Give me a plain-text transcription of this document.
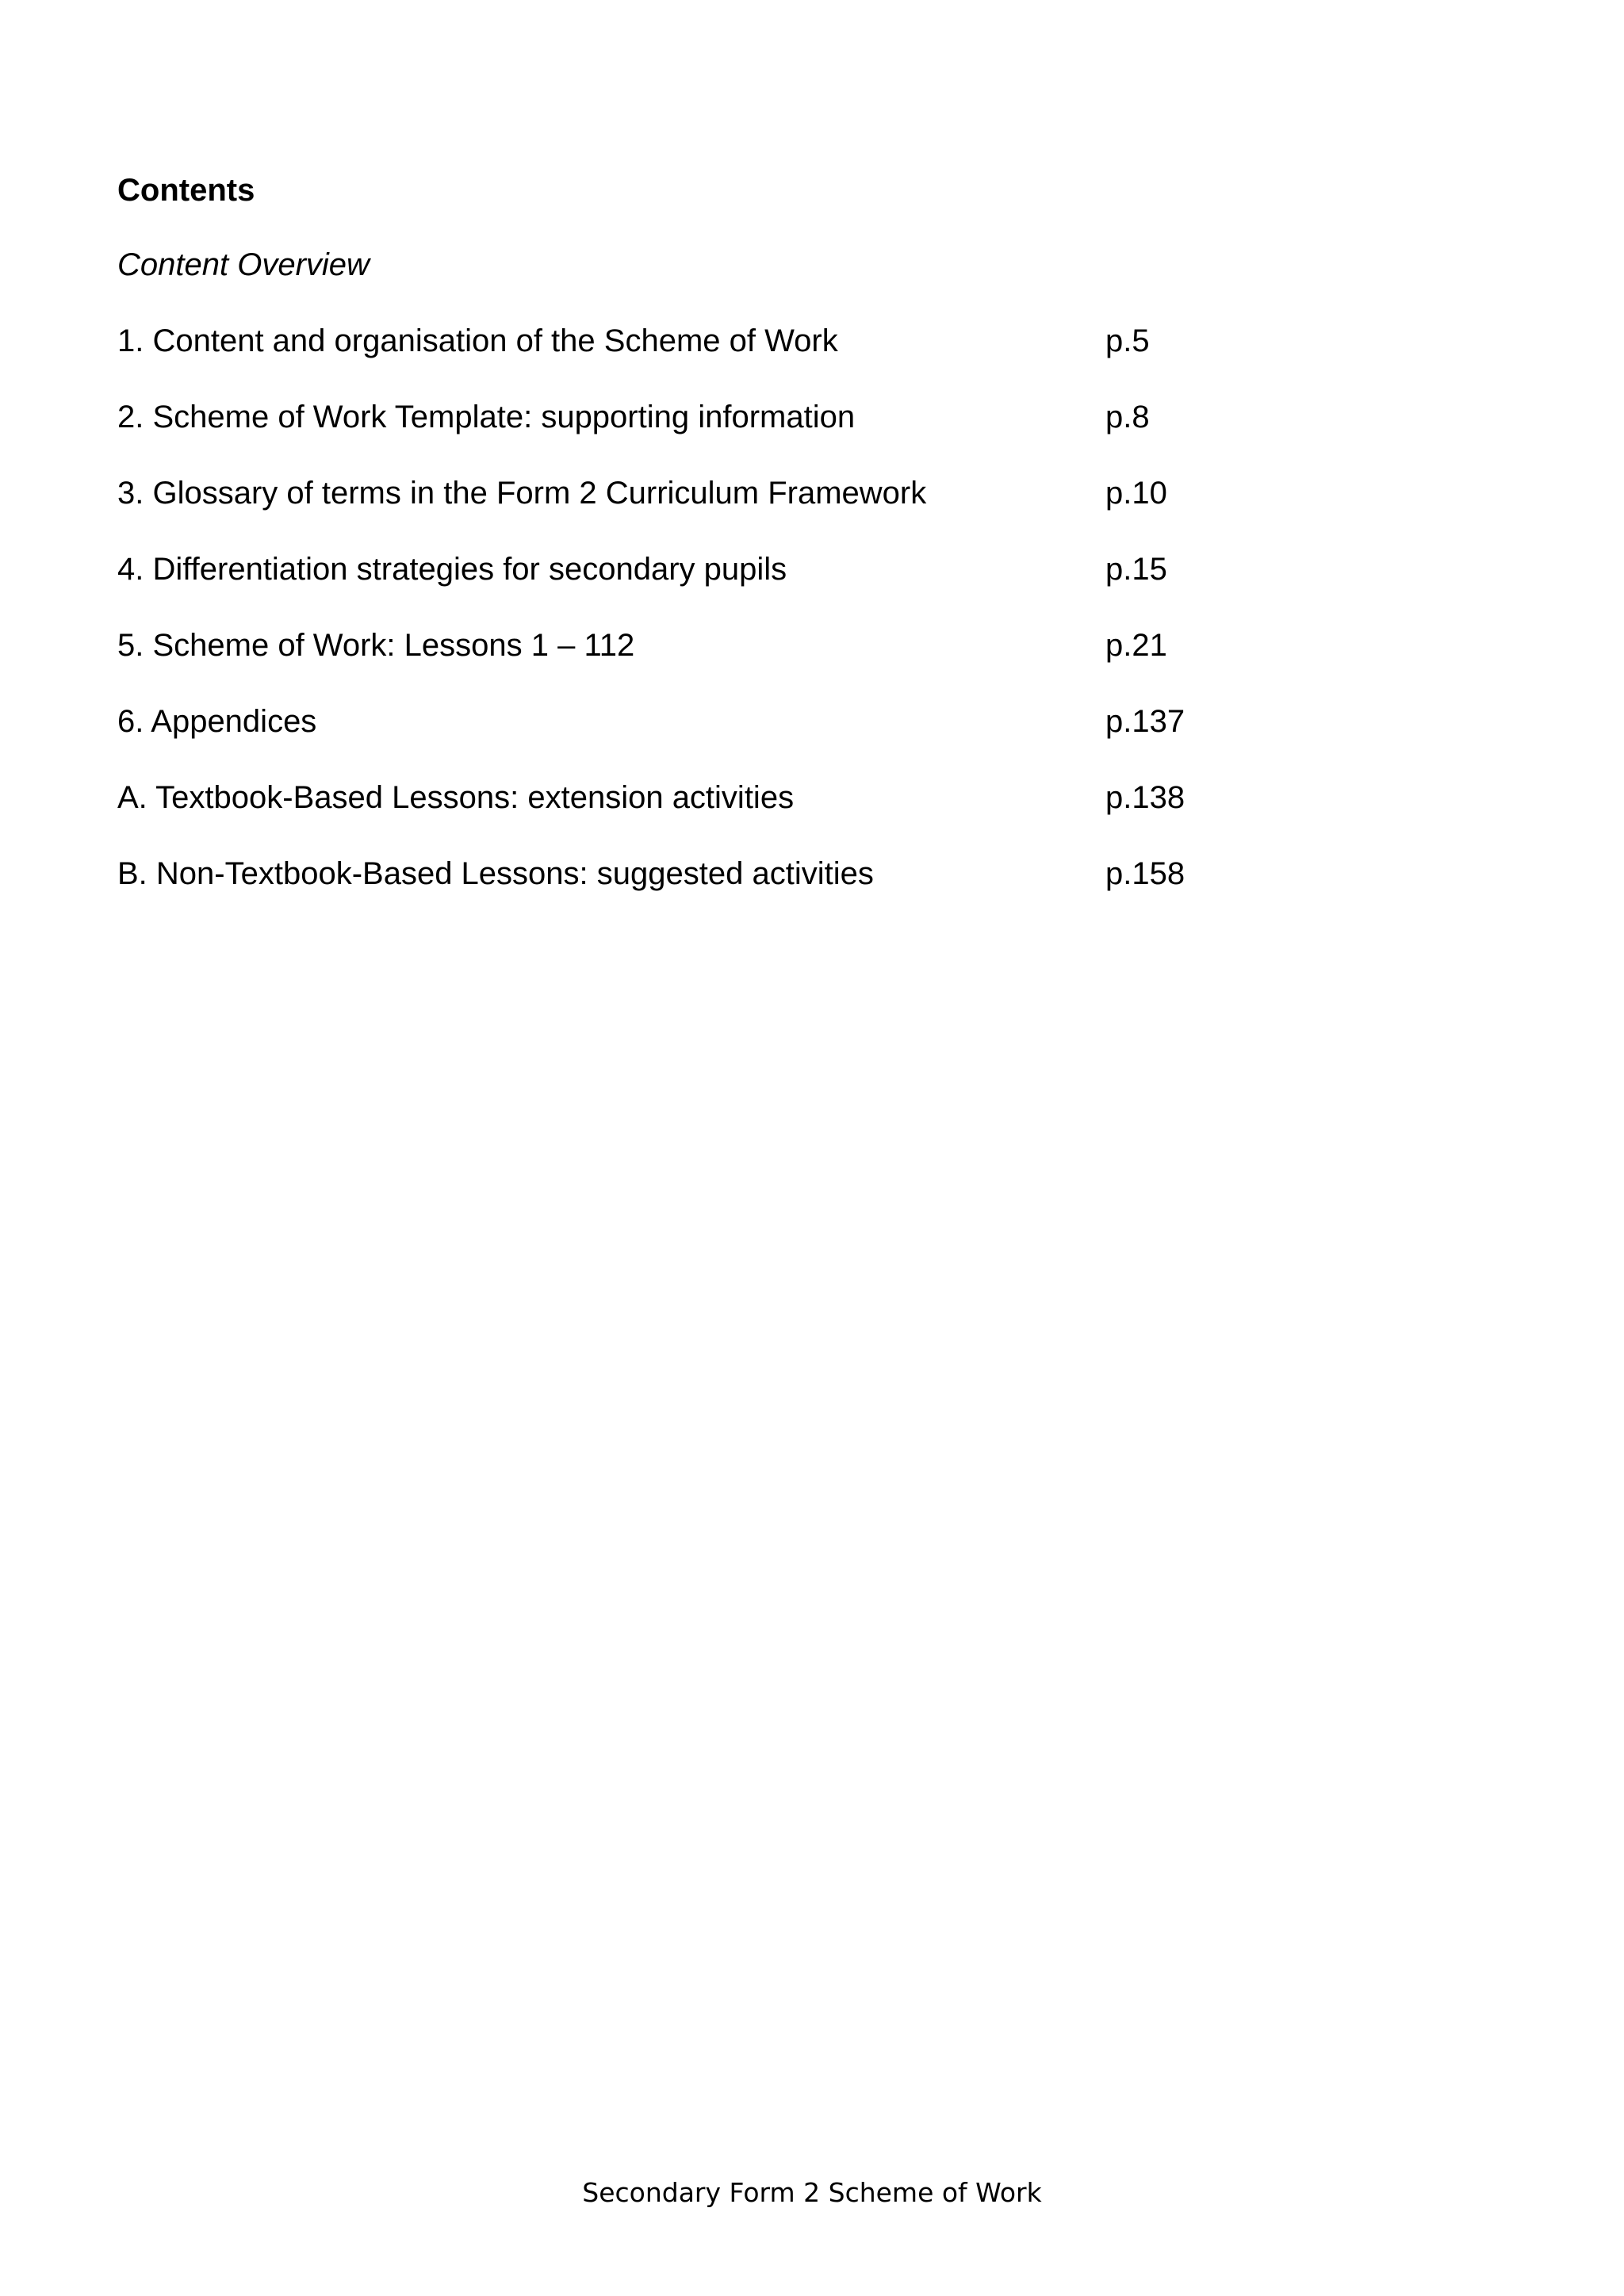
Contents
Content Overview
1. Content and organisation of the Scheme of Work	p.5
2. Scheme of Work Template: supporting information	p.8
3. Glossary of terms in the Form 2 Curriculum Framework	p.10
4. Differentiation strategies for secondary pupils	p.15
5. Scheme of Work: Lessons 1 – 112	p.21
6. Appendices	p.137
A. Textbook-Based Lessons: extension activities	p.138
B. Non-Textbook-Based Lessons: suggested activities	p.158
Secondary Form 2 Scheme of Work
